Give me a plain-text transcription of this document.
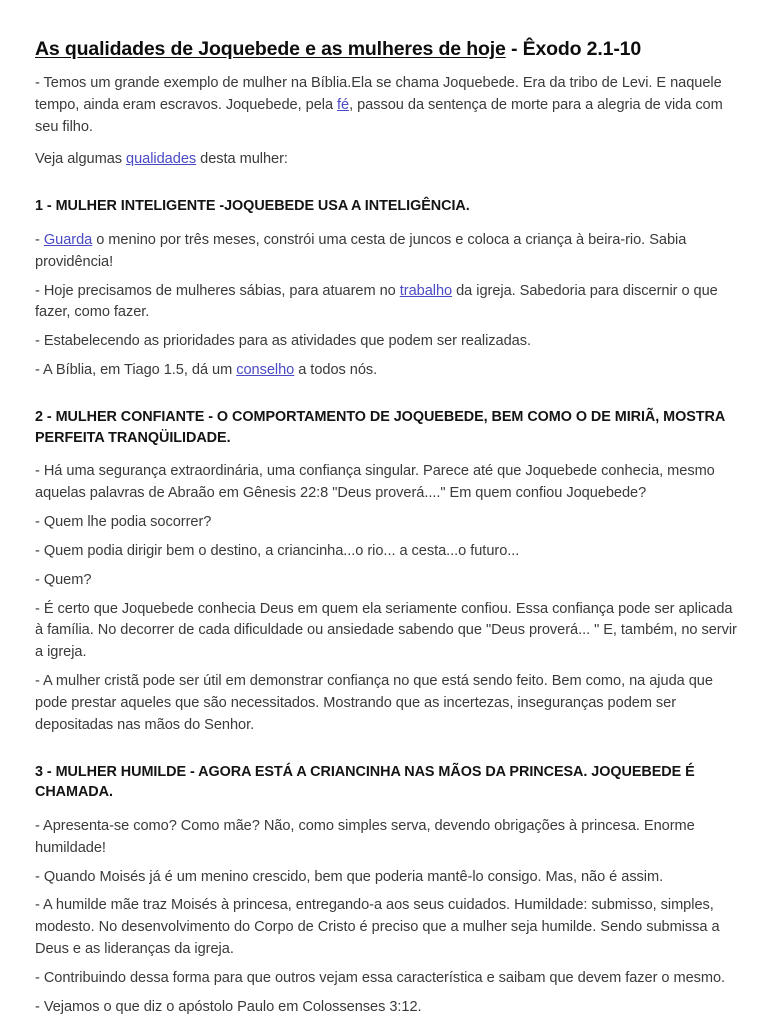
As qualidades de Joquebede e as mulheres de hoje - Êxodo 2.1-10

- Temos um grande exemplo de mulher na Bíblia.Ela se chama Joquebede. Era da tribo de Levi. E naquele tempo, ainda eram escravos. Joquebede, pela fé, passou da sentença de morte para a alegria de vida com seu filho.

Veja algumas qualidades desta mulher:

1 - MULHER INTELIGENTE -JOQUEBEDE USA A INTELIGÊNCIA.

- Guarda o menino por três meses, constrói uma cesta de juncos e coloca a criança à beira-rio. Sabia providência!

- Hoje precisamos de mulheres sábias, para atuarem no trabalho da igreja. Sabedoria para discernir o que fazer, como fazer.

- Estabelecendo as prioridades para as atividades que podem ser realizadas.

- A Bíblia, em Tiago 1.5, dá um conselho a todos nós.

2 - MULHER CONFIANTE - O COMPORTAMENTO DE JOQUEBEDE, BEM COMO O DE MIRIÃ, MOSTRA PERFEITA TRANQÜILIDADE.

- Há uma segurança extraordinária, uma confiança singular. Parece até que Joquebede conhecia, mesmo aquelas palavras de Abraão em Gênesis 22:8 "Deus proverá...." Em quem confiou Joquebede?

- Quem lhe podia socorrer?

- Quem podia dirigir bem o destino, a criancinha...o rio... a cesta...o futuro...

- Quem?

- É certo que Joquebede conhecia Deus em quem ela seriamente confiou. Essa confiança pode ser aplicada à família. No decorrer de cada dificuldade ou ansiedade sabendo que "Deus proverá... " E, também, no servir a igreja.

- A mulher cristã pode ser útil em demonstrar confiança no que está sendo feito. Bem como, na ajuda que pode prestar aqueles que são necessitados. Mostrando que as incertezas, inseguranças podem ser depositadas nas mãos do Senhor.

3 - MULHER HUMILDE - AGORA ESTÁ A CRIANCINHA NAS MÃOS DA PRINCESA. JOQUEBEDE É CHAMADA.

- Apresenta-se como? Como mãe? Não, como simples serva, devendo obrigações à princesa. Enorme humildade!

- Quando Moisés já é um menino crescido, bem que poderia mantê-lo consigo. Mas, não é assim.

- A humilde mãe traz Moisés à princesa, entregando-a aos seus cuidados. Humildade: submisso, simples, modesto. No desenvolvimento do Corpo de Cristo é preciso que a mulher seja humilde. Sendo submissa a Deus e as lideranças da igreja.

- Contribuindo dessa forma para que outros vejam essa característica e saibam que devem fazer o mesmo.

- Vejamos o que diz o apóstolo Paulo em Colossenses 3:12.
